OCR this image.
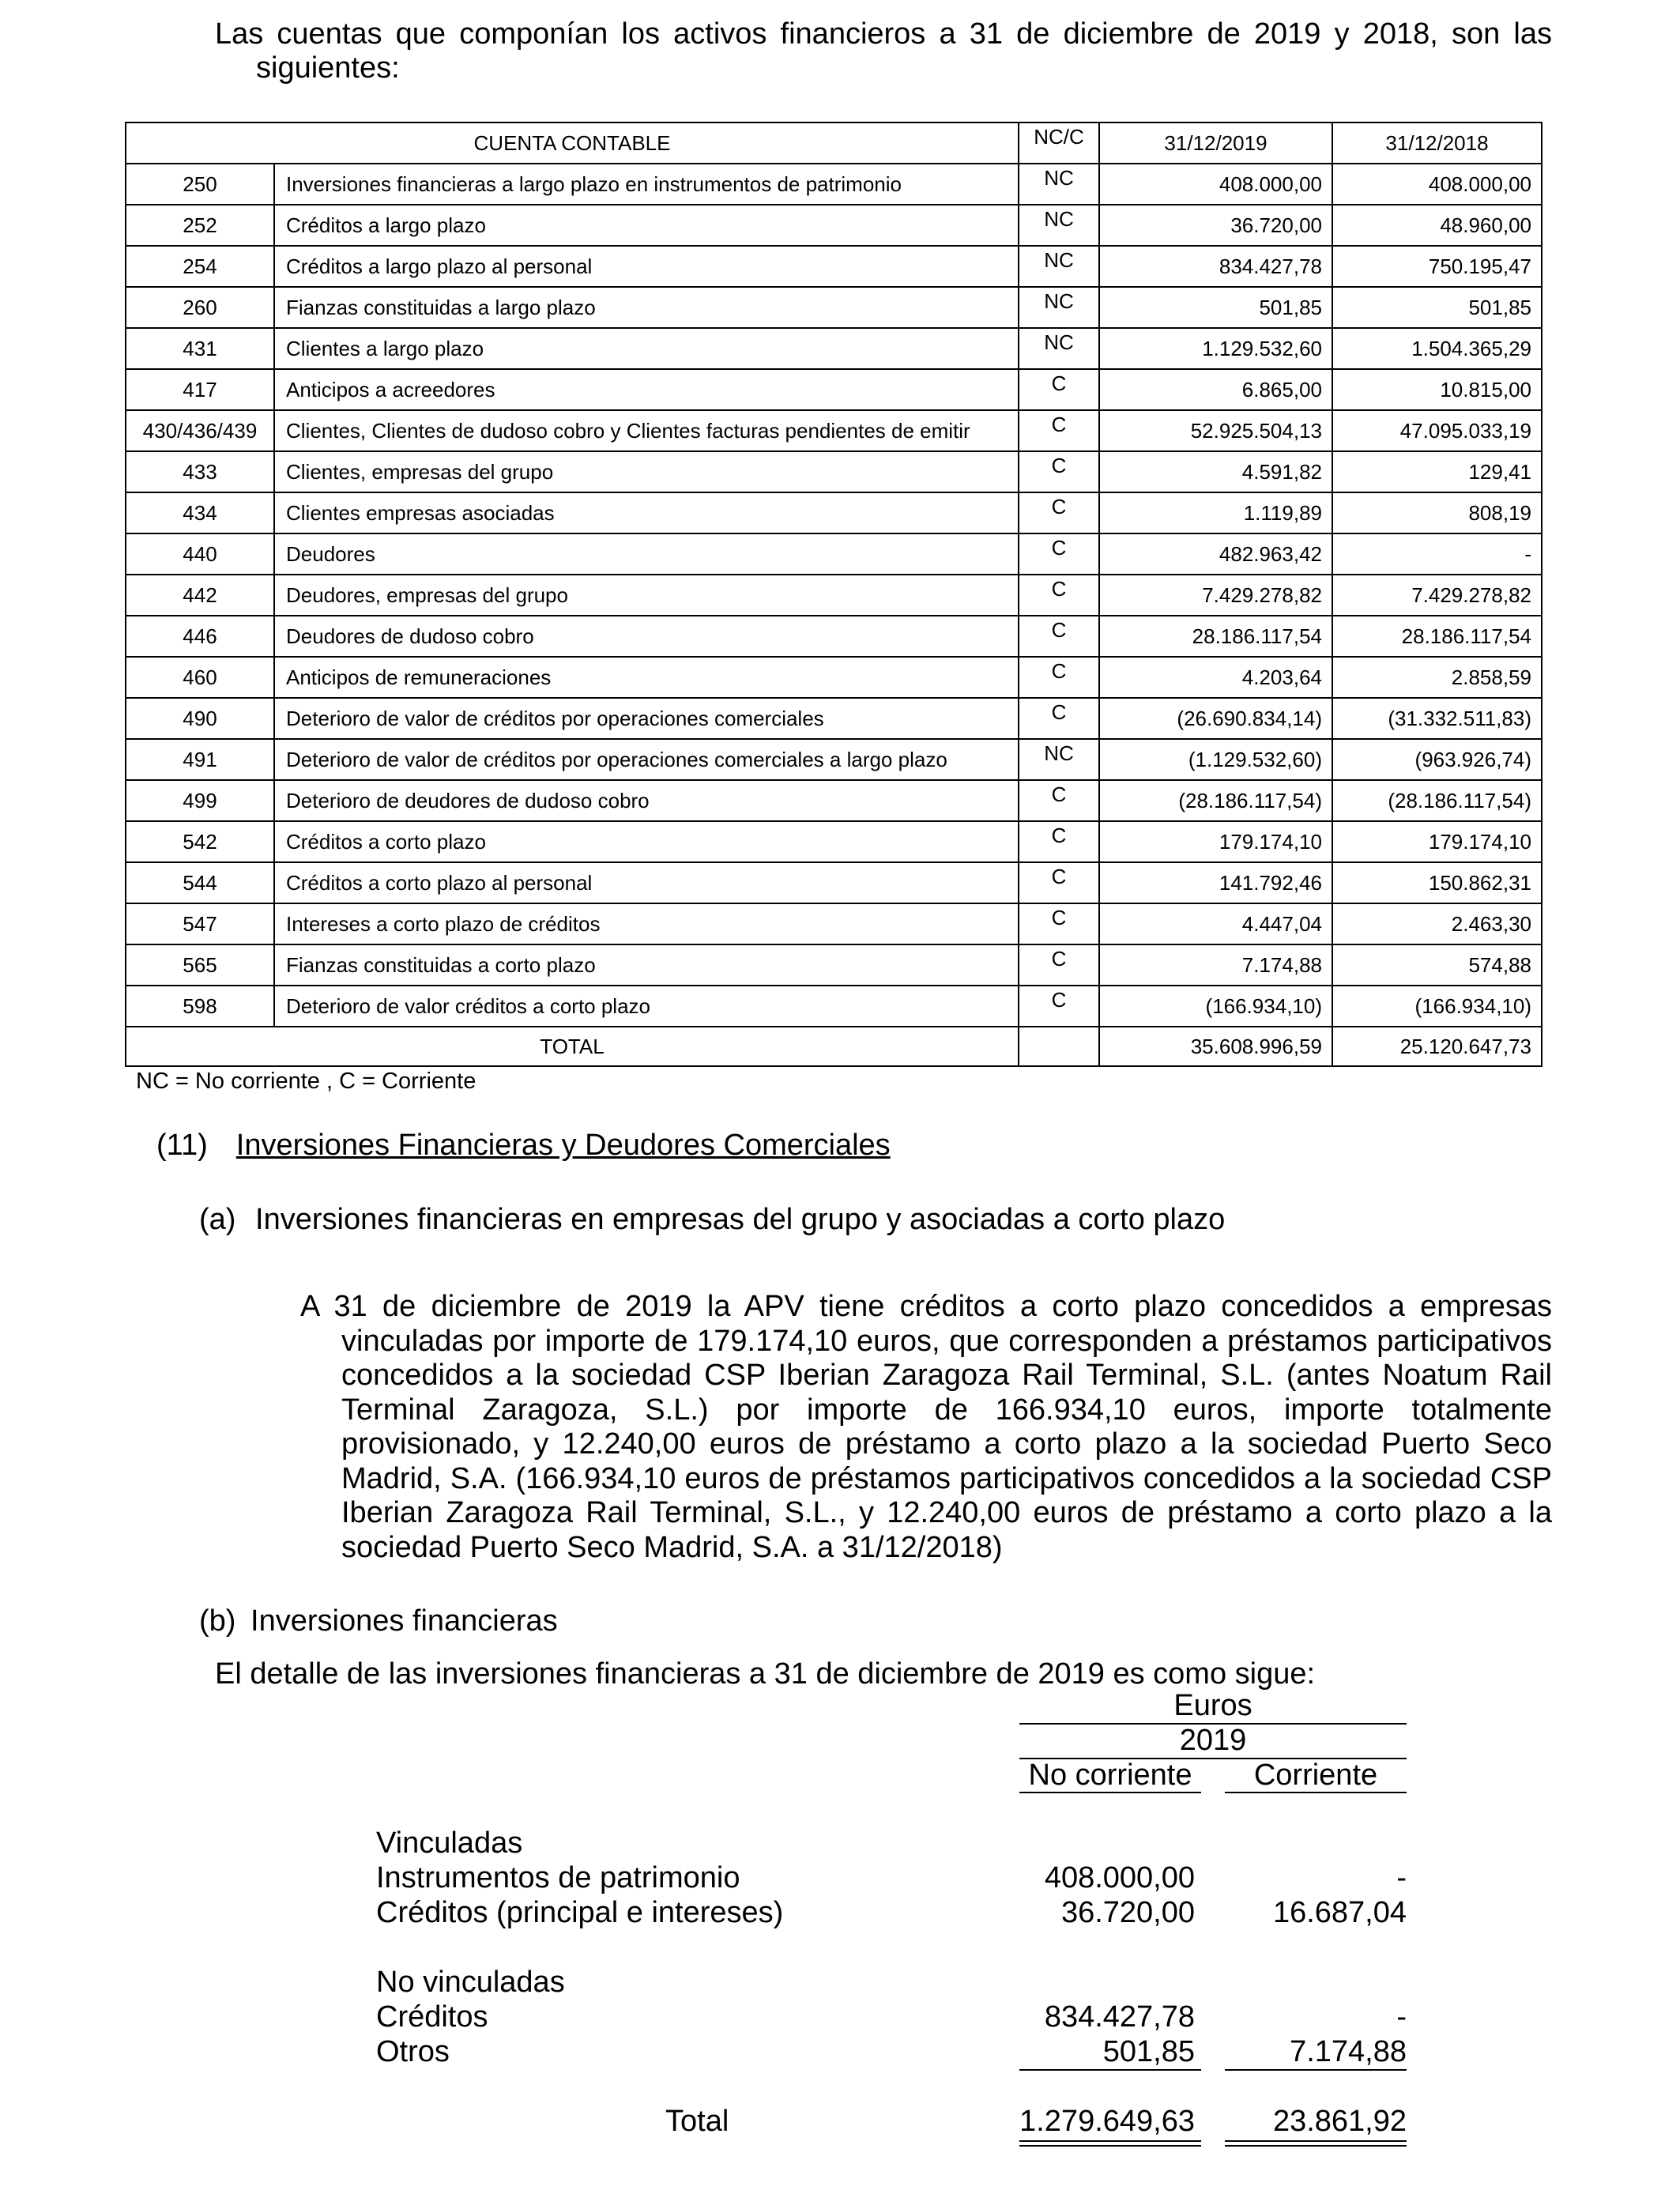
Las cuentas que componían los activos financieros a 31 de diciembre de 2019 y 2018, son las
siguientes:
CUENTA CONTABLE		NC/C	31/12/2019	31/12/2018
250	Inversiones financieras a largo plazo en instrumentos de patrimonio	NC	408.000,00	408.000,00
252	Créditos a largo plazo	NC	36.720,00	48.960,00
254	Créditos a largo plazo al personal	NC	834.427,78	750.195,47
260	Fianzas constituidas a largo plazo	NC	501,85	501,85
431	Clientes a largo plazo	NC	1.129.532,60	1.504.365,29
417	Anticipos a acreedores	C	6.865,00	10.815,00
430/436/439	Clientes, Clientes de dudoso cobro y Clientes facturas pendientes de emitir	C	52.925.504,13	47.095.033,19
433	Clientes, empresas del grupo	C	4.591,82	129,41
434	Clientes empresas asociadas	C	1.119,89	808,19
440	Deudores	C	482.963,42	-
442	Deudores, empresas del grupo	C	7.429.278,82	7.429.278,82
446	Deudores de dudoso cobro	C	28.186.117,54	28.186.117,54
460	Anticipos de remuneraciones	C	4.203,64	2.858,59
490	Deterioro de valor de créditos por operaciones comerciales	C	(26.690.834,14)	(31.332.511,83)
491	Deterioro de valor de créditos por operaciones comerciales a largo plazo	NC	(1.129.532,60)	(963.926,74)
499	Deterioro de deudores de dudoso cobro	C	(28.186.117,54)	(28.186.117,54)
542	Créditos a corto plazo	C	179.174,10	179.174,10
544	Créditos a corto plazo al personal	C	141.792,46	150.862,31
547	Intereses a corto plazo de créditos	C	4.447,04	2.463,30
565	Fianzas constituidas a corto plazo	C	7.174,88	574,88
598	Deterioro de valor créditos a corto plazo	C	(166.934,10)	(166.934,10)
TOTAL			35.608.996,59	25.120.647,73
NC = No corriente , C = Corriente
(11) Inversiones Financieras y Deudores Comerciales
(a) Inversiones financieras en empresas del grupo y asociadas a corto plazo
A 31 de diciembre de 2019 la APV tiene créditos a corto plazo concedidos a empresas
vinculadas por importe de 179.174,10 euros, que corresponden a préstamos participativos concedidos a la sociedad CSP Iberian Zaragoza Rail Terminal, S.L. (antes Noatum Rail Terminal Zaragoza, S.L.) por importe de 166.934,10 euros, importe totalmente provisionado, y 12.240,00 euros de préstamo a corto plazo a la sociedad Puerto Seco Madrid, S.A. (166.934,10 euros de préstamos participativos concedidos a la sociedad CSP Iberian Zaragoza Rail Terminal, S.L., y 12.240,00 euros de préstamo a corto plazo a la sociedad Puerto Seco Madrid, S.A. a 31/12/2018)
(b) Inversiones financieras
El detalle de las inversiones financieras a 31 de diciembre de 2019 es como sigue:
Euros
2019
No corriente	Corriente
Vinculadas
Instrumentos de patrimonio	408.000,00	-
Créditos (principal e intereses)	36.720,00	16.687,04
No vinculadas
Créditos	834.427,78	-
Otros	501,85	7.174,88
Total	1.279.649,63	23.861,92
